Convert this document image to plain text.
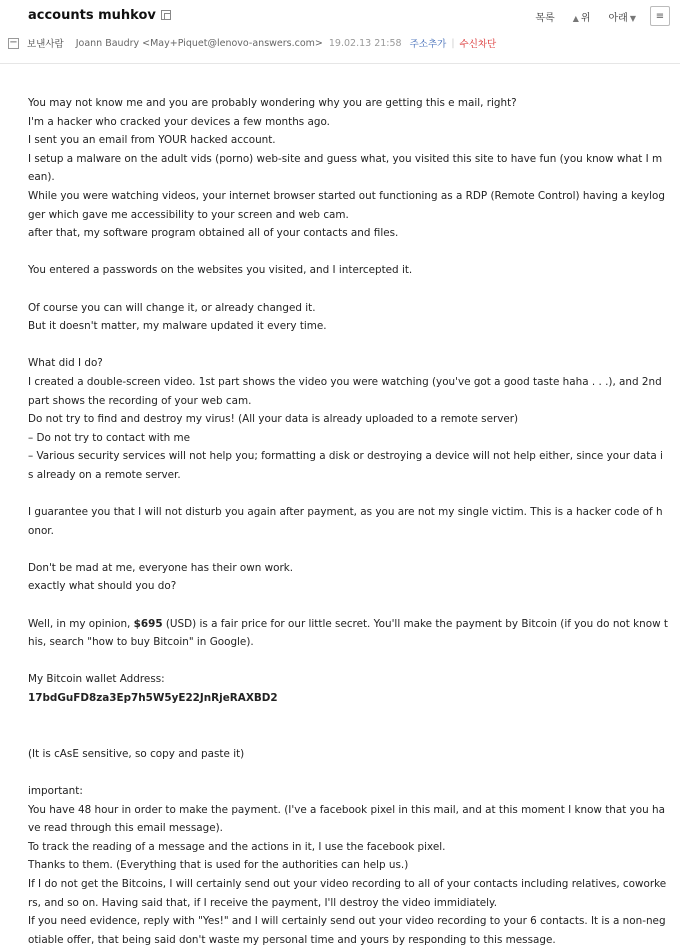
accounts muhkov	목록 ▲ 위 아래 ▼	≡
− 보낸사람 Joann Baudry <May+Piquet@lenovo-answers.com> 19.02.13 21:58 주소추가 | 수신차단

You may not know me and you are probably wondering why you are getting this e mail, right?

I'm a hacker who cracked your devices a few months ago.

I sent you an email from YOUR hacked account.

I setup a malware on the adult vids (porno) web-site and guess what, you visited this site to have fun (you know what I mean).

While you were watching videos, your internet browser started out functioning as a RDP (Remote Control) having a keylogger which gave me accessibility to your screen and web cam.

after that, my software program obtained all of your contacts and files.

You entered a passwords on the websites you visited, and I intercepted it.

Of course you can will change it, or already changed it.

But it doesn't matter, my malware updated it every time.

What did I do?

I created a double-screen video. 1st part shows the video you were watching (you've got a good taste haha . . .), and 2nd part shows the recording of your web cam.

Do not try to find and destroy my virus! (All your data is already uploaded to a remote server)

– Do not try to contact with me

– Various security services will not help you; formatting a disk or destroying a device will not help either, since your data is already on a remote server.

I guarantee you that I will not disturb you again after payment, as you are not my single victim. This is a hacker code of honor.

Don't be mad at me, everyone has their own work.

exactly what should you do?

Well, in my opinion, $695 (USD) is a fair price for our little secret. You'll make the payment by Bitcoin (if you do not know this, search "how to buy Bitcoin" in Google).

My Bitcoin wallet Address:

17bdGuFD8za3Ep7h5W5yE22JnRjeRAXBD2

(It is cAsE sensitive, so copy and paste it)

important:

You have 48 hour in order to make the payment. (I've a facebook pixel in this mail, and at this moment I know that you have read through this email message).

To track the reading of a message and the actions in it, I use the facebook pixel.

Thanks to them. (Everything that is used for the authorities can help us.)

If I do not get the Bitcoins, I will certainly send out your video recording to all of your contacts including relatives, coworkers, and so on. Having said that, if I receive the payment, I'll destroy the video immidiately.

If you need evidence, reply with "Yes!" and I will certainly send out your video recording to your 6 contacts. It is a non-negotiable offer, that being said don't waste my personal time and yours by responding to this message.
